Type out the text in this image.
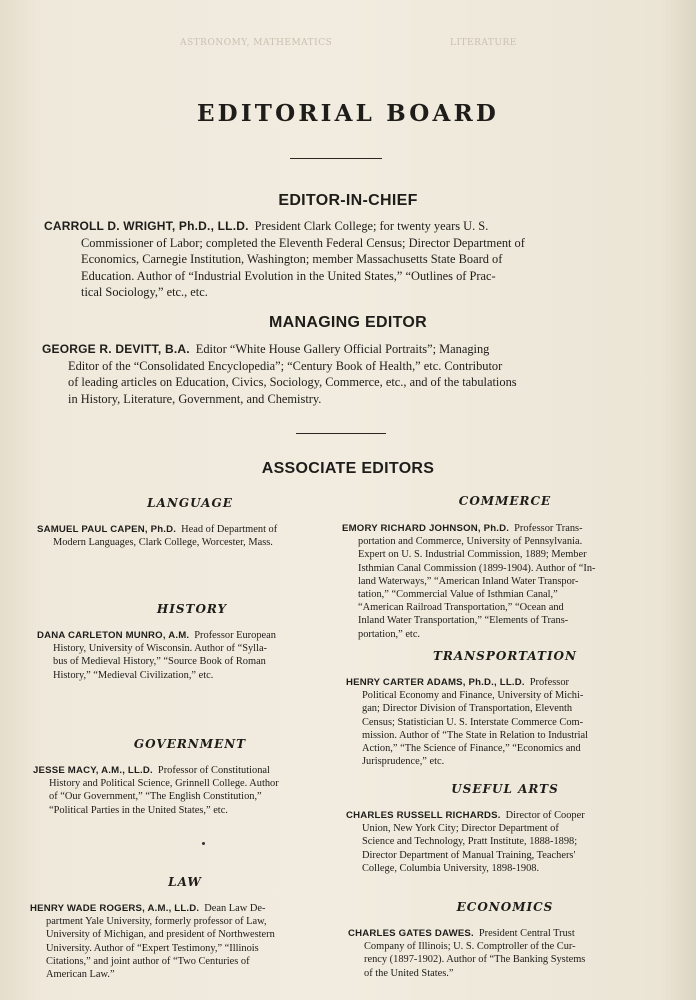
ASTRONOMY, MATHEMATICS	LITERATURE
EDITORIAL BOARD
EDITOR-IN-CHIEF
CARROLL D. WRIGHT, Ph.D., LL.D. President Clark College; for twenty years U. S.
Commissioner of Labor; completed the Eleventh Federal Census; Director Department of
Economics, Carnegie Institution, Washington; member Massachusetts State Board of
Education. Author of “Industrial Evolution in the United States,” “Outlines of Prac-
tical Sociology,” etc., etc.
MANAGING EDITOR
GEORGE R. DEVITT, B.A. Editor “White House Gallery Official Portraits”; Managing
Editor of the “Consolidated Encyclopedia”; “Century Book of Health,” etc. Contributor
of leading articles on Education, Civics, Sociology, Commerce, etc., and of the tabulations
in History, Literature, Government, and Chemistry.
ASSOCIATE EDITORS
LANGUAGE
SAMUEL PAUL CAPEN, Ph.D. Head of Department of
Modern Languages, Clark College, Worcester, Mass.
HISTORY
DANA CARLETON MUNRO, A.M. Professor European
History, University of Wisconsin. Author of “Sylla-
bus of Medieval History,” “Source Book of Roman
History,” “Medieval Civilization,” etc.
GOVERNMENT
JESSE MACY, A.M., LL.D. Professor of Constitutional
History and Political Science, Grinnell College. Author
of “Our Government,” “The English Constitution,”
“Political Parties in the United States,” etc.
LAW
HENRY WADE ROGERS, A.M., LL.D. Dean Law De-
partment Yale University, formerly professor of Law,
University of Michigan, and president of Northwestern
University. Author of “Expert Testimony,” “Illinois
Citations,” and joint author of “Two Centuries of
American Law.”
COMMERCE
EMORY RICHARD JOHNSON, Ph.D. Professor Trans-
portation and Commerce, University of Pennsylvania.
Expert on U. S. Industrial Commission, 1889; Member
Isthmian Canal Commission (1899-1904). Author of “In-
land Waterways,” “American Inland Water Transpor-
tation,” “Commercial Value of Isthmian Canal,”
“American Railroad Transportation,” “Ocean and
Inland Water Transportation,” “Elements of Trans-
portation,” etc.
TRANSPORTATION
HENRY CARTER ADAMS, Ph.D., LL.D. Professor
Political Economy and Finance, University of Michi-
gan; Director Division of Transportation, Eleventh
Census; Statistician U. S. Interstate Commerce Com-
mission. Author of “The State in Relation to Industrial
Action,” “The Science of Finance,” “Economics and
Jurisprudence,” etc.
USEFUL ARTS
CHARLES RUSSELL RICHARDS. Director of Cooper
Union, New York City; Director Department of
Science and Technology, Pratt Institute, 1888-1898;
Director Department of Manual Training, Teachers'
College, Columbia University, 1898-1908.
ECONOMICS
CHARLES GATES DAWES. President Central Trust
Company of Illinois; U. S. Comptroller of the Cur-
rency (1897-1902). Author of “The Banking Systems
of the United States.”
